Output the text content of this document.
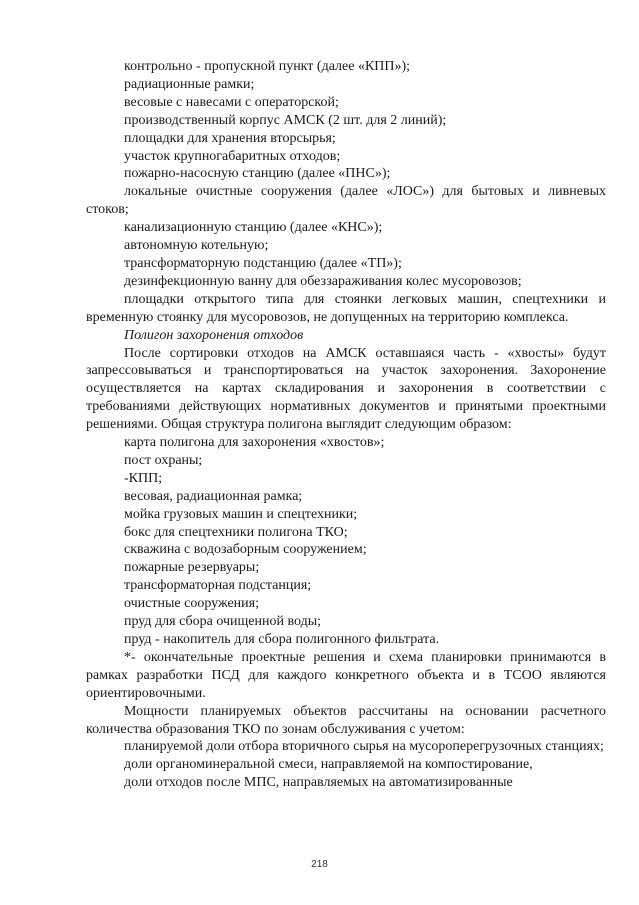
контрольно - пропускной пункт (далее «КПП»);

радиационные рамки;

весовые с навесами с операторской;

производственный корпус АМСК (2 шт. для 2 линий);

площадки для хранения вторсырья;

участок крупногабаритных отходов;

пожарно-насосную станцию (далее «ПНС»);

локальные очистные сооружения (далее «ЛОС») для бытовых и ливневых стоков;

канализационную станцию (далее «КНС»);

автономную котельную;

трансформаторную подстанцию (далее «ТП»);

дезинфекционную ванну для обеззараживания колес мусоровозов;

площадки открытого типа для стоянки легковых машин, спецтехники и временную стоянку для мусоровозов, не допущенных на территорию комплекса.

Полигон захоронения отходов

После сортировки отходов на АМСК оставшаяся часть - «хвосты» будут запрессовываться и транспортироваться на участок захоронения. Захоронение осуществляется на картах складирования и захоронения в соответствии с требованиями действующих нормативных документов и принятыми проектными решениями. Общая структура полигона выглядит следующим образом:

карта полигона для захоронения «хвостов»;

пост охраны;

-КПП;

весовая, радиационная рамка;

мойка грузовых машин и спецтехники;

бокс для спецтехники полигона ТКО;

скважина с водозаборным сооружением;

пожарные резервуары;

трансформаторная подстанция;

очистные сооружения;

пруд для сбора очищенной воды;

пруд - накопитель для сбора полигонного фильтрата.

*- окончательные проектные решения и схема планировки принимаются в рамках разработки ПСД для каждого конкретного объекта и в ТСОО являются ориентировочными.

Мощности планируемых объектов рассчитаны на основании расчетного количества образования ТКО по зонам обслуживания с учетом:

планируемой доли отбора вторичного сырья на мусороперегрузочных станциях;

доли органоминеральной смеси, направляемой на компостирование,

доли отходов после МПС, направляемых на автоматизированные

218
